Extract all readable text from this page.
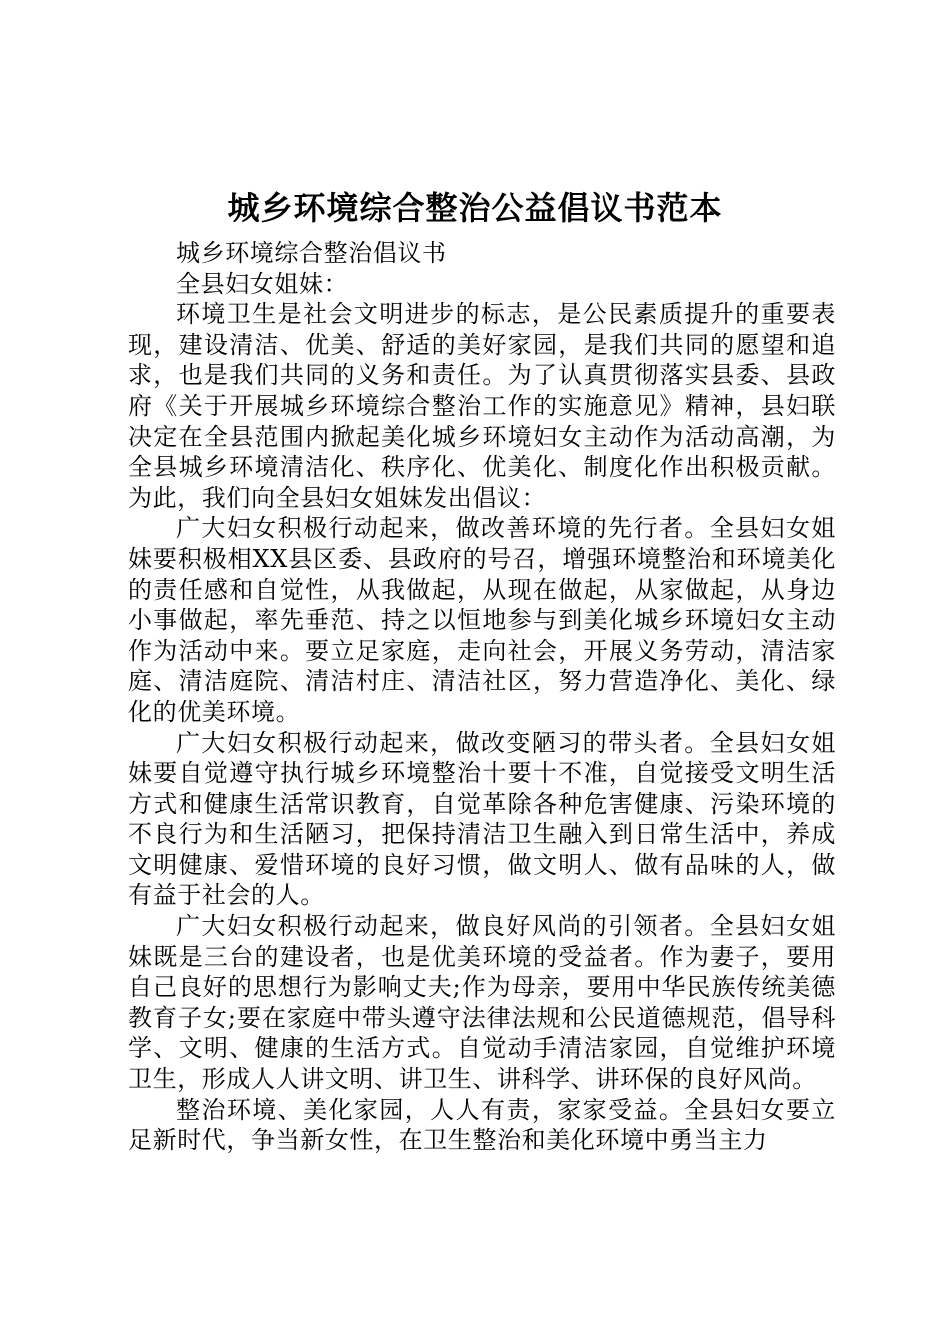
城乡环境综合整治公益倡议书范本

城乡环境综合整治倡议书

全县妇女姐妹：

环境卫生是社会文明进步的标志，是公民素质提升的重要表现，建设清洁、优美、舒适的美好家园，是我们共同的愿望和追求，也是我们共同的义务和责任。为了认真贯彻落实县委、县政府《关于开展城乡环境综合整治工作的实施意见》精神，县妇联决定在全县范围内掀起美化城乡环境妇女主动作为活动高潮，为全县城乡环境清洁化、秩序化、优美化、制度化作出积极贡献。为此，我们向全县妇女姐妹发出倡议：

广大妇女积极行动起来，做改善环境的先行者。全县妇女姐妹要积极相XX县区委、县政府的号召，增强环境整治和环境美化的责任感和自觉性，从我做起，从现在做起，从家做起，从身边小事做起，率先垂范、持之以恒地参与到美化城乡环境妇女主动作为活动中来。要立足家庭，走向社会，开展义务劳动，清洁家庭、清洁庭院、清洁村庄、清洁社区，努力营造净化、美化、绿化的优美环境。

广大妇女积极行动起来，做改变陋习的带头者。全县妇女姐妹要自觉遵守执行城乡环境整治十要十不准，自觉接受文明生活方式和健康生活常识教育，自觉革除各种危害健康、污染环境的不良行为和生活陋习，把保持清洁卫生融入到日常生活中，养成文明健康、爱惜环境的良好习惯，做文明人、做有品味的人，做有益于社会的人。

广大妇女积极行动起来，做良好风尚的引领者。全县妇女姐妹既是三台的建设者，也是优美环境的受益者。作为妻子，要用自己良好的思想行为影响丈夫;作为母亲，要用中华民族传统美德教育子女;要在家庭中带头遵守法律法规和公民道德规范，倡导科学、文明、健康的生活方式。自觉动手清洁家园，自觉维护环境卫生，形成人人讲文明、讲卫生、讲科学、讲环保的良好风尚。

整治环境、美化家园，人人有责，家家受益。全县妇女要立足新时代，争当新女性，在卫生整治和美化环境中勇当主力
